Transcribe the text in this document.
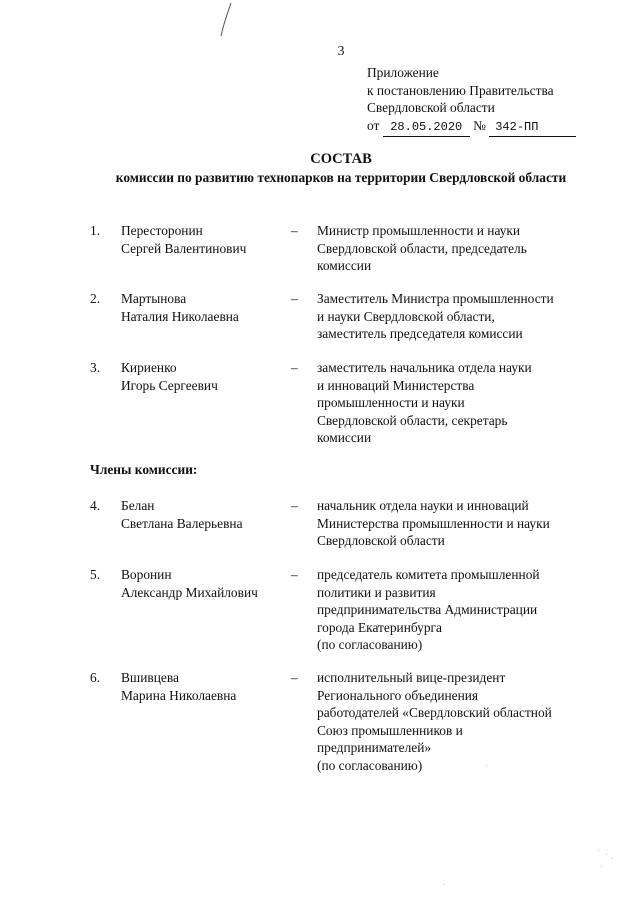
3
Приложение
к постановлению Правительства
Свердловской области
от 28.05.2020 № 342-ПП
СОСТАВ
комиссии по развитию технопарков на территории Свердловской области
1. Пересторонин
Сергей Валентинович
– Министр промышленности и науки
Свердловской области, председатель
комиссии
2. Мартынова
Наталия Николаевна
– Заместитель Министра промышленности
и науки Свердловской области,
заместитель председателя комиссии
3. Кириенко
Игорь Сергеевич
– заместитель начальника отдела науки
и инноваций Министерства
промышленности и науки
Свердловской области, секретарь
комиссии
Члены комиссии:
4. Белан
Светлана Валерьевна
– начальник отдела науки и инноваций
Министерства промышленности и науки
Свердловской области
5. Воронин
Александр Михайлович
– председатель комитета промышленной
политики и развития
предпринимательства Администрации
города Екатеринбурга
(по согласованию)
6. Вшивцева
Марина Николаевна
– исполнительный вице-президент
Регионального объединения
работодателей «Свердловский областной
Союз промышленников и
предпринимателей»
(по согласованию)
